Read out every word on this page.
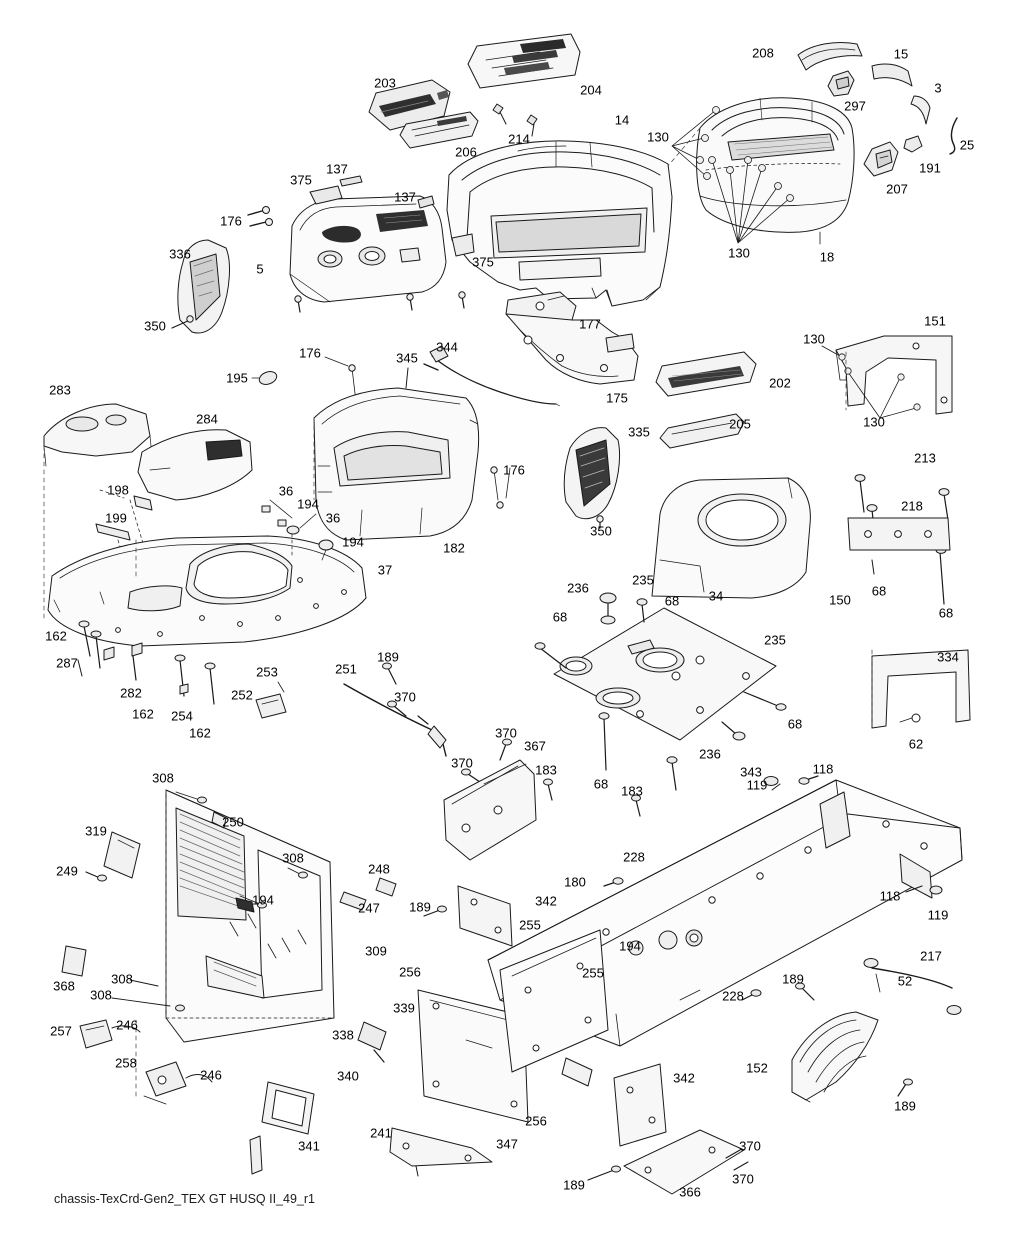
chassis-TexCrd-Gen2_TEX GT HUSQ II_49_r1
203	204
208	15
3
297
206
214
14
130
25
191
207
137
375
137
176
375
130	18
336
5
350	177	151
130
176	345
344
195
175
202
130
283
284
335
205
213
198
176
218
199
36
194
36
194	182
350
150
68
68
37
236
235
68
68 34
235
162
287
253	251
189	334
282	252	370
68
62
162 254
162	370
367
236
343
370	183
68 183
118
119
308
250
319
249
308
248
228
180
118
119
247 189
194
255
309	194
217
368	308
308
256	255
228
189	52
339
257	246
338
152
258
246	340	342
189
341
241
347
256
370
189	366
370
342
